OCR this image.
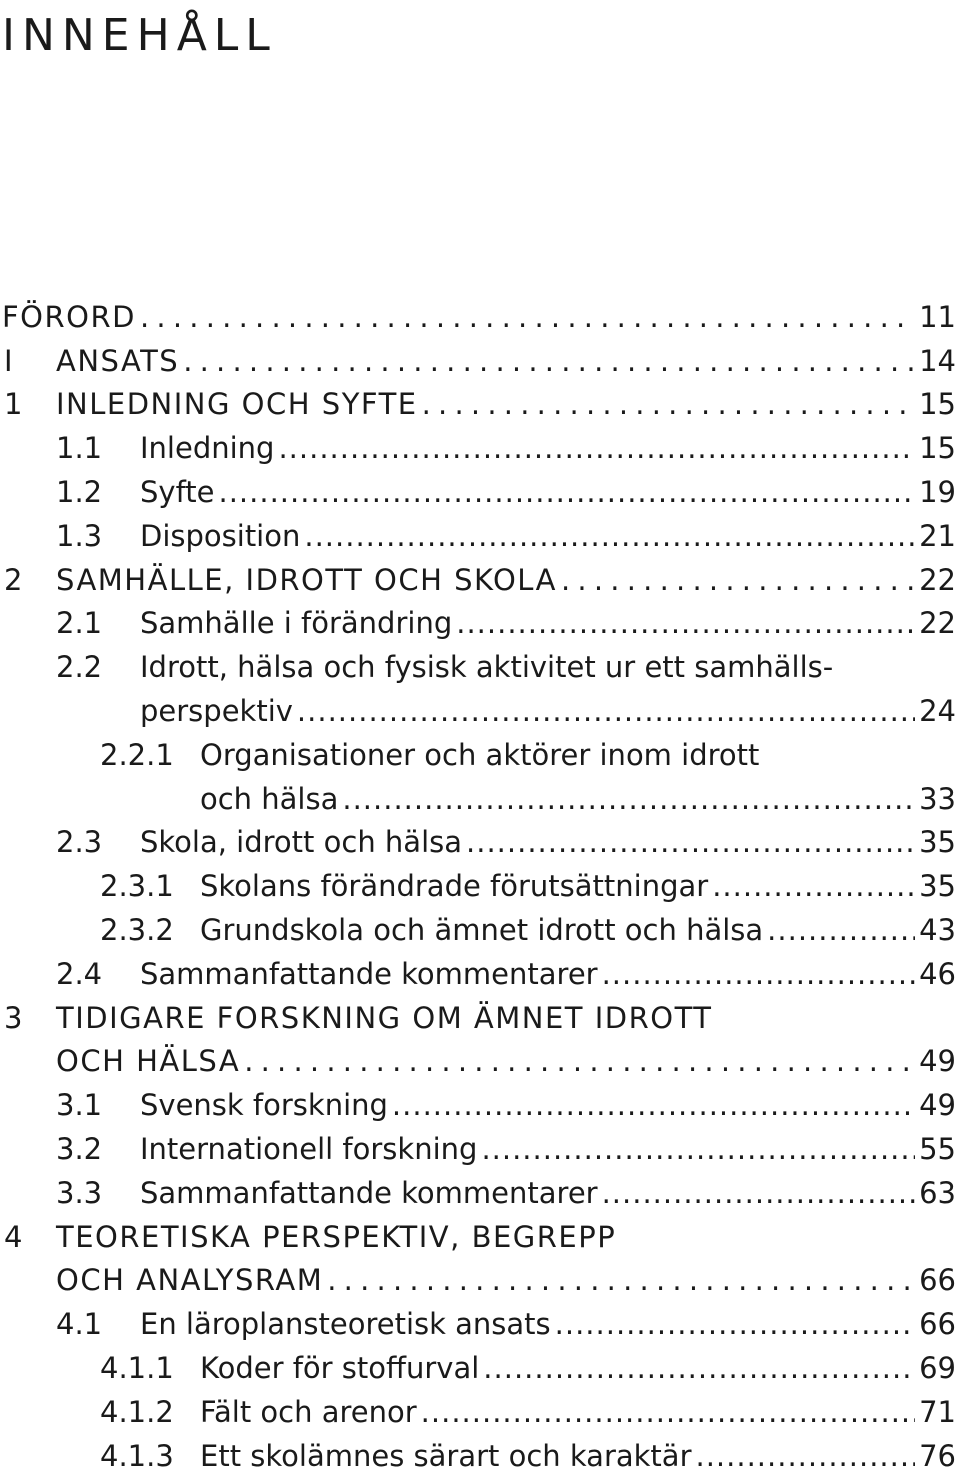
INNEHÅLL
FÖRORD . . .	11
I	ANSATS . . .	14
1	INLEDNING OCH SYFTE . . .	15
1.1	Inledning .....	15
1.2	Syfte .....	19
1.3	Disposition .....	21
2	SAMHÄLLE, IDROTT OCH SKOLA . . .	22
2.1	Samhälle i förändring .....	22
2.2	Idrott, hälsa och fysisk aktivitet ur ett samhälls-
perspektiv .....	24
2.2.1 Organisationer och aktörer inom idrott
och hälsa .....	33
2.3	Skola, idrott och hälsa .....	35
2.3.1 Skolans förändrade förutsättningar .....	35
2.3.2 Grundskola och ämnet idrott och hälsa .....	43
2.4	Sammanfattande kommentarer .....	46
3	TIDIGARE FORSKNING OM ÄMNET IDROTT
OCH HÄLSA . . .	49
3.1	Svensk forskning .....	49
3.2	Internationell forskning .....	55
3.3	Sammanfattande kommentarer .....	63
4	TEORETISKA PERSPEKTIV, BEGREPP
OCH ANALYSRAM . . .	66
4.1	En läroplansteoretisk ansats .....	66
4.1.1 Koder för stoffurval .....	69
4.1.2 Fält och arenor .....	71
4.1.3 Ett skolämnes särart och karaktär .....	76
